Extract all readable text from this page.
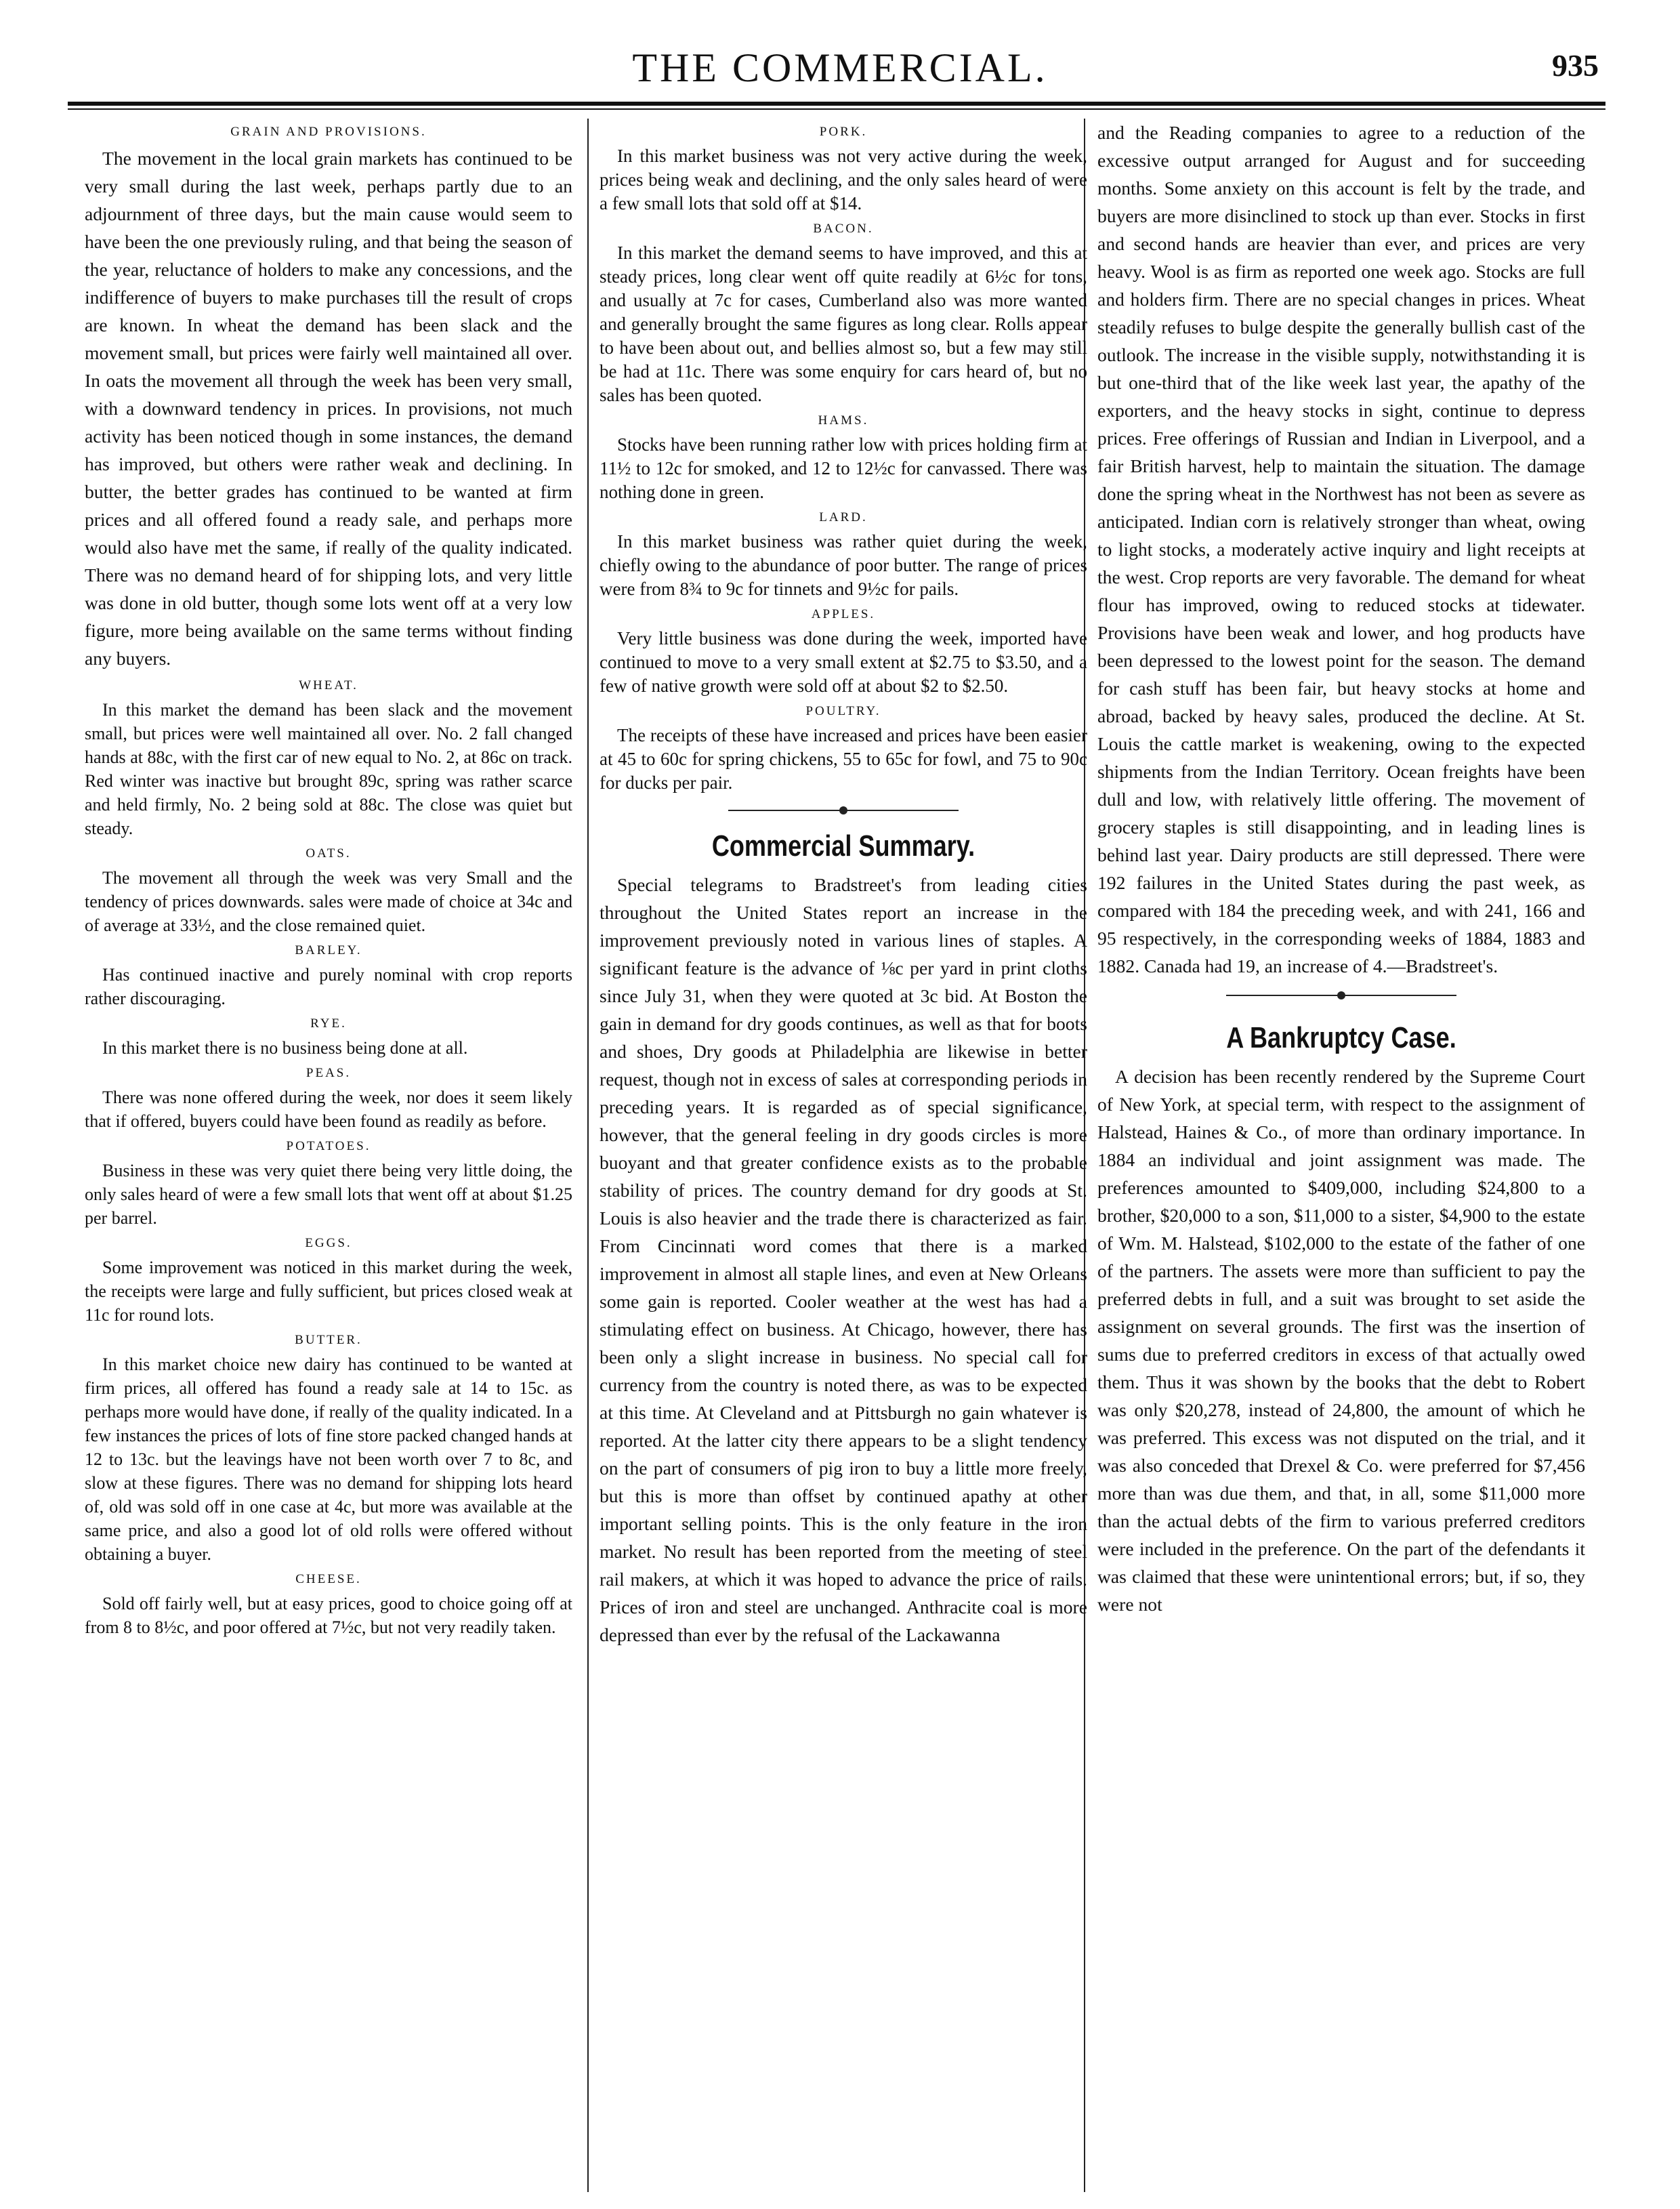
THE COMMERCIAL.	935
GRAIN AND PROVISIONS.

The movement in the local grain markets has continued to be very small during the last week, perhaps partly due to an adjournment of three days, but the main cause would seem to have been the one previously ruling, and that being the season of the year, reluctance of holders to make any concessions, and the indifference of buyers to make purchases till the result of crops are known. In wheat the demand has been slack and the movement small, but prices were fairly well maintained all over. In oats the movement all through the week has been very small, with a downward tendency in prices. In provisions, not much activity has been noticed though in some instances, the demand has improved, but others were rather weak and declining. In butter, the better grades has continued to be wanted at firm prices and all offered found a ready sale, and perhaps more would also have met the same, if really of the quality indicated. There was no demand heard of for shipping lots, and very little was done in old butter, though some lots went off at a very low figure, more being available on the same terms without finding any buyers.

WHEAT.

In this market the demand has been slack and the movement small, but prices were well maintained all over. No. 2 fall changed hands at 88c, with the first car of new equal to No. 2, at 86c on track. Red winter was inactive but brought 89c, spring was rather scarce and held firmly, No. 2 being sold at 88c. The close was quiet but steady.

OATS.

The movement all through the week was very Small and the tendency of prices downwards. sales were made of choice at 34c and of average at 33½, and the close remained quiet.

BARLEY.

Has continued inactive and purely nominal with crop reports rather discouraging.

RYE.

In this market there is no business being done at all.

PEAS.

There was none offered during the week, nor does it seem likely that if offered, buyers could have been found as readily as before.

POTATOES.

Business in these was very quiet there being very little doing, the only sales heard of were a few small lots that went off at about $1.25 per barrel.

EGGS.

Some improvement was noticed in this market during the week, the receipts were large and fully sufficient, but prices closed weak at 11c for round lots.

BUTTER.

In this market choice new dairy has continued to be wanted at firm prices, all offered has found a ready sale at 14 to 15c. as perhaps more would have done, if really of the quality indicated. In a few instances the prices of lots of fine store packed changed hands at 12 to 13c. but the leavings have not been worth over 7 to 8c, and slow at these figures. There was no demand for shipping lots heard of, old was sold off in one case at 4c, but more was available at the same price, and also a good lot of old rolls were offered without obtaining a buyer.

CHEESE.

Sold off fairly well, but at easy prices, good to choice going off at from 8 to 8½c, and poor offered at 7½c, but not very readily taken.

PORK.

In this market business was not very active during the week, prices being weak and declining, and the only sales heard of were a few small lots that sold off at $14.

BACON.

In this market the demand seems to have improved, and this at steady prices, long clear went off quite readily at 6½c for tons, and usually at 7c for cases, Cumberland also was more wanted and generally brought the same figures as long clear. Rolls appear to have been about out, and bellies almost so, but a few may still be had at 11c. There was some enquiry for cars heard of, but no sales has been quoted.

HAMS.

Stocks have been running rather low with prices holding firm at 11½ to 12c for smoked, and 12 to 12½c for canvassed. There was nothing done in green.

LARD.

In this market business was rather quiet during the week, chiefly owing to the abundance of poor butter. The range of prices were from 8¾ to 9c for tinnets and 9½c for pails.

APPLES.

Very little business was done during the week, imported have continued to move to a very small extent at $2.75 to $3.50, and a few of native growth were sold off at about $2 to $2.50.

POULTRY.

The receipts of these have increased and prices have been easier at 45 to 60c for spring chickens, 55 to 65c for fowl, and 75 to 90c for ducks per pair.

Commercial Summary.

Special telegrams to Bradstreet's from leading cities throughout the United States report an increase in the improvement previously noted in various lines of staples. A significant feature is the advance of ⅛c per yard in print cloths since July 31, when they were quoted at 3c bid. At Boston the gain in demand for dry goods continues, as well as that for boots and shoes, Dry goods at Philadelphia are likewise in better request, though not in excess of sales at corresponding periods in preceding years. It is regarded as of special significance, however, that the general feeling in dry goods circles is more buoyant and that greater confidence exists as to the probable stability of prices. The country demand for dry goods at St. Louis is also heavier and the trade there is characterized as fair. From Cincinnati word comes that there is a marked improvement in almost all staple lines, and even at New Orleans some gain is reported. Cooler weather at the west has had a stimulating effect on business. At Chicago, however, there has been only a slight increase in business. No special call for currency from the country is noted there, as was to be expected at this time. At Cleveland and at Pittsburgh no gain whatever is reported. At the latter city there appears to be a slight tendency on the part of consumers of pig iron to buy a little more freely, but this is more than offset by continued apathy at other important selling points. This is the only feature in the iron market. No result has been reported from the meeting of steel rail makers, at which it was hoped to advance the price of rails. Prices of iron and steel are unchanged. Anthracite coal is more depressed than ever by the refusal of the Lackawanna

and the Reading companies to agree to a reduction of the excessive output arranged for August and for succeeding months. Some anxiety on this account is felt by the trade, and buyers are more disinclined to stock up than ever. Stocks in first and second hands are heavier than ever, and prices are very heavy. Wool is as firm as reported one week ago. Stocks are full and holders firm. There are no special changes in prices. Wheat steadily refuses to bulge despite the generally bullish cast of the outlook. The increase in the visible supply, notwithstanding it is but one-third that of the like week last year, the apathy of the exporters, and the heavy stocks in sight, continue to depress prices. Free offerings of Russian and Indian in Liverpool, and a fair British harvest, help to maintain the situation. The damage done the spring wheat in the Northwest has not been as severe as anticipated. Indian corn is relatively stronger than wheat, owing to light stocks, a moderately active inquiry and light receipts at the west. Crop reports are very favorable. The demand for wheat flour has improved, owing to reduced stocks at tidewater. Provisions have been weak and lower, and hog products have been depressed to the lowest point for the season. The demand for cash stuff has been fair, but heavy stocks at home and abroad, backed by heavy sales, produced the decline. At St. Louis the cattle market is weakening, owing to the expected shipments from the Indian Territory. Ocean freights have been dull and low, with relatively little offering. The movement of grocery staples is still disappointing, and in leading lines is behind last year. Dairy products are still depressed. There were 192 failures in the United States during the past week, as compared with 184 the preceding week, and with 241, 166 and 95 respectively, in the corresponding weeks of 1884, 1883 and 1882. Canada had 19, an increase of 4.—Bradstreet's.

A Bankruptcy Case.

A decision has been recently rendered by the Supreme Court of New York, at special term, with respect to the assignment of Halstead, Haines & Co., of more than ordinary importance. In 1884 an individual and joint assignment was made. The preferences amounted to $409,000, including $24,800 to a brother, $20,000 to a son, $11,000 to a sister, $4,900 to the estate of Wm. M. Halstead, $102,000 to the estate of the father of one of the partners. The assets were more than sufficient to pay the preferred debts in full, and a suit was brought to set aside the assignment on several grounds. The first was the insertion of sums due to preferred creditors in excess of that actually owed them. Thus it was shown by the books that the debt to Robert was only $20,278, instead of 24,800, the amount of which he was preferred. This excess was not disputed on the trial, and it was also conceded that Drexel & Co. were preferred for $7,456 more than was due them, and that, in all, some $11,000 more than the actual debts of the firm to various preferred creditors were included in the preference. On the part of the defendants it was claimed that these were unintentional errors; but, if so, they were not
